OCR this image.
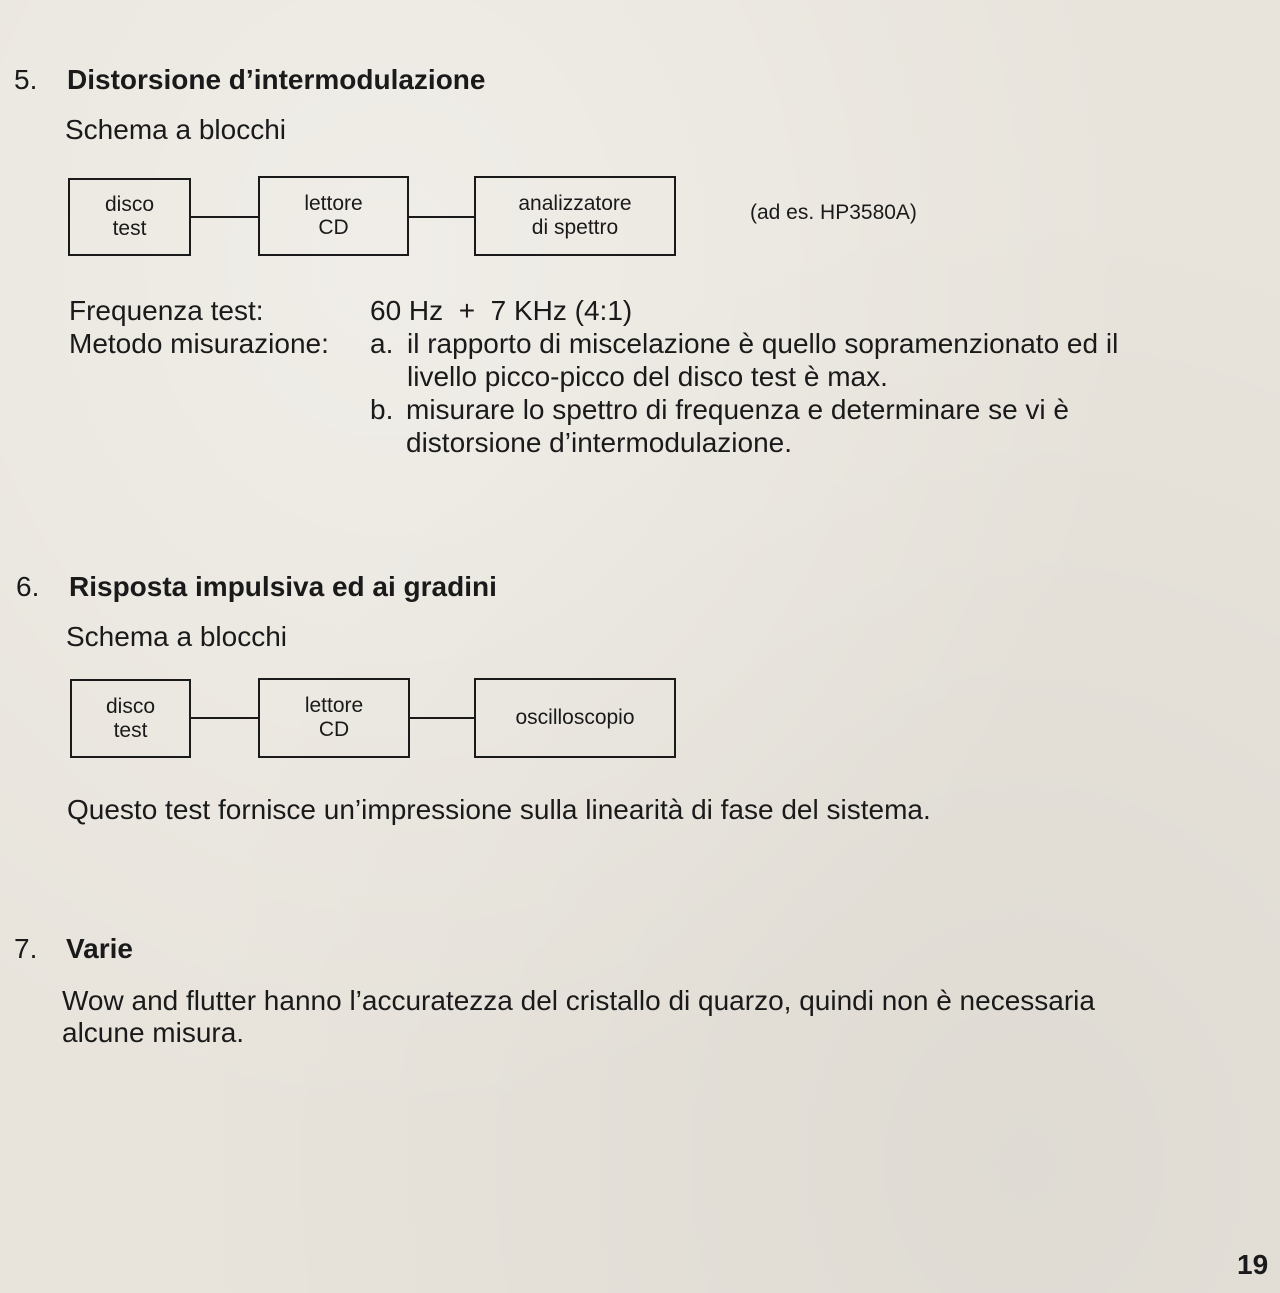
5. Distorsione d’intermodulazione
Schema a blocchi
disco
test
lettore
CD
analizzatore
di spettro
(ad es. HP3580A)
Frequenza test:	60 Hz  +  7 KHz (4:1)
Metodo misurazione: a. il rapporto di miscelazione è quello sopramenzionato ed il
livello picco-picco del disco test è max.
b. misurare lo spettro di frequenza e determinare se vi è
distorsione d’intermodulazione.
6. Risposta impulsiva ed ai gradini
Schema a blocchi
disco
test
lettore
CD
oscilloscopio
Questo test fornisce un’impressione sulla linearità di fase del sistema.
7. Varie
Wow and flutter hanno l’accuratezza del cristallo di quarzo, quindi non è necessaria
alcune misura.
19
